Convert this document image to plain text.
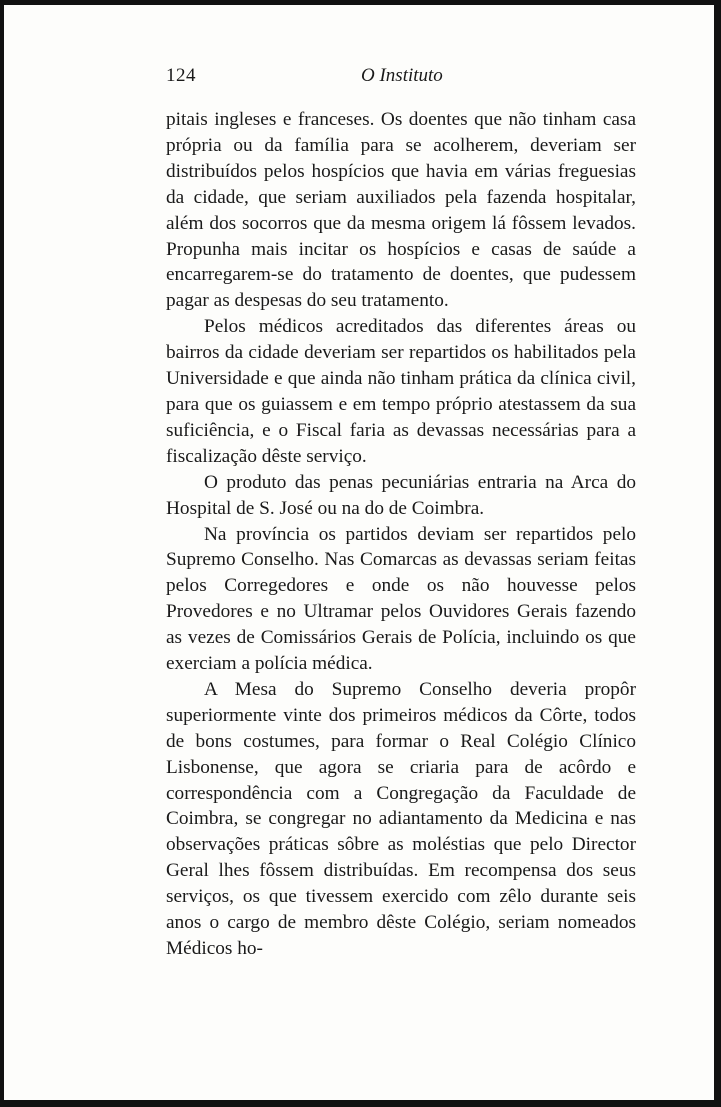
124	O Instituto

pitais ingleses e franceses. Os doentes que não tinham casa própria ou da família para se acolherem, deveriam ser distribuídos pelos hospícios que havia em várias freguesias da cidade, que seriam auxiliados pela fazenda hospitalar, além dos socorros que da mesma origem lá fôssem levados. Propunha mais incitar os hospícios e casas de saúde a encarregarem-se do tratamento de doentes, que pudessem pagar as despesas do seu tratamento.

Pelos médicos acreditados das diferentes áreas ou bairros da cidade deveriam ser repartidos os habilitados pela Universidade e que ainda não tinham prática da clínica civil, para que os guiassem e em tempo próprio atestassem da sua suficiência, e o Fiscal faria as devassas necessárias para a fiscalização dêste serviço.

O produto das penas pecuniárias entraria na Arca do Hospital de S. José ou na do de Coimbra.

Na província os partidos deviam ser repartidos pelo Supremo Conselho. Nas Comarcas as devassas seriam feitas pelos Corregedores e onde os não houvesse pelos Provedores e no Ultramar pelos Ouvidores Gerais fazendo as vezes de Comissários Gerais de Polícia, incluindo os que exerciam a polícia médica.

A Mesa do Supremo Conselho deveria propôr superiormente vinte dos primeiros médicos da Côrte, todos de bons costumes, para formar o Real Colégio Clínico Lisbonense, que agora se criaria para de acôrdo e correspondência com a Congregação da Faculdade de Coimbra, se congregar no adiantamento da Medicina e nas observações práticas sôbre as moléstias que pelo Director Geral lhes fôssem distribuídas. Em recompensa dos seus serviços, os que tivessem exercido com zêlo durante seis anos o cargo de membro dêste Colégio, seriam nomeados Médicos ho-
